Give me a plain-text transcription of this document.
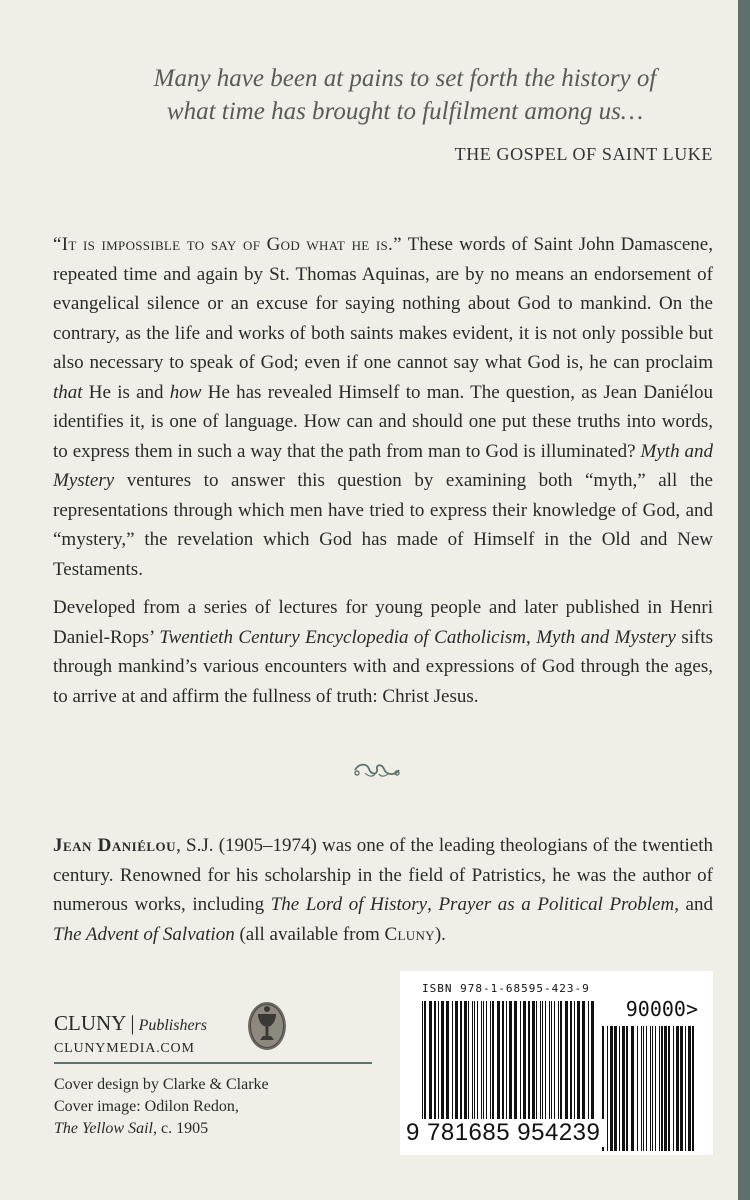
Many have been at pains to set forth the history of
what time has brought to fulfilment among us…
THE GOSPEL OF SAINT LUKE

“It is impossible to say of God what he is.” These words of Saint John Damascene, repeated time and again by St. Thomas Aquinas, are by no means an endorsement of evangelical silence or an excuse for saying nothing about God to mankind. On the contrary, as the life and works of both saints makes evident, it is not only possible but also necessary to speak of God; even if one cannot say what God is, he can proclaim that He is and how He has revealed Himself to man. The question, as Jean Daniélou identifies it, is one of language. How can and should one put these truths into words, to express them in such a way that the path from man to God is illuminated? Myth and Mystery ventures to answer this question by examining both “myth,” all the representations through which men have tried to express their knowledge of God, and “mystery,” the revelation which God has made of Himself in the Old and New Testaments.

Developed from a series of lectures for young people and later published in Henri Daniel-Rops’ Twentieth Century Encyclopedia of Catholicism, Myth and Mystery sifts through mankind’s various encounters with and expressions of God through the ages, to arrive at and affirm the fullness of truth: Christ Jesus.

Jean Daniélou, S.J. (1905–1974) was one of the leading theologians of the twentieth century. Renowned for his scholarship in the field of Patristics, he was the author of numerous works, including The Lord of History, Prayer as a Political Problem, and The Advent of Salvation (all available from Cluny).

CLUNY | Publishers
CLUNYMEDIA.COM
Cover design by Clarke & Clarke
Cover image: Odilon Redon,
The Yellow Sail, c. 1905
ISBN 978-1-68595-423-9
90000>
9 781685 954239
